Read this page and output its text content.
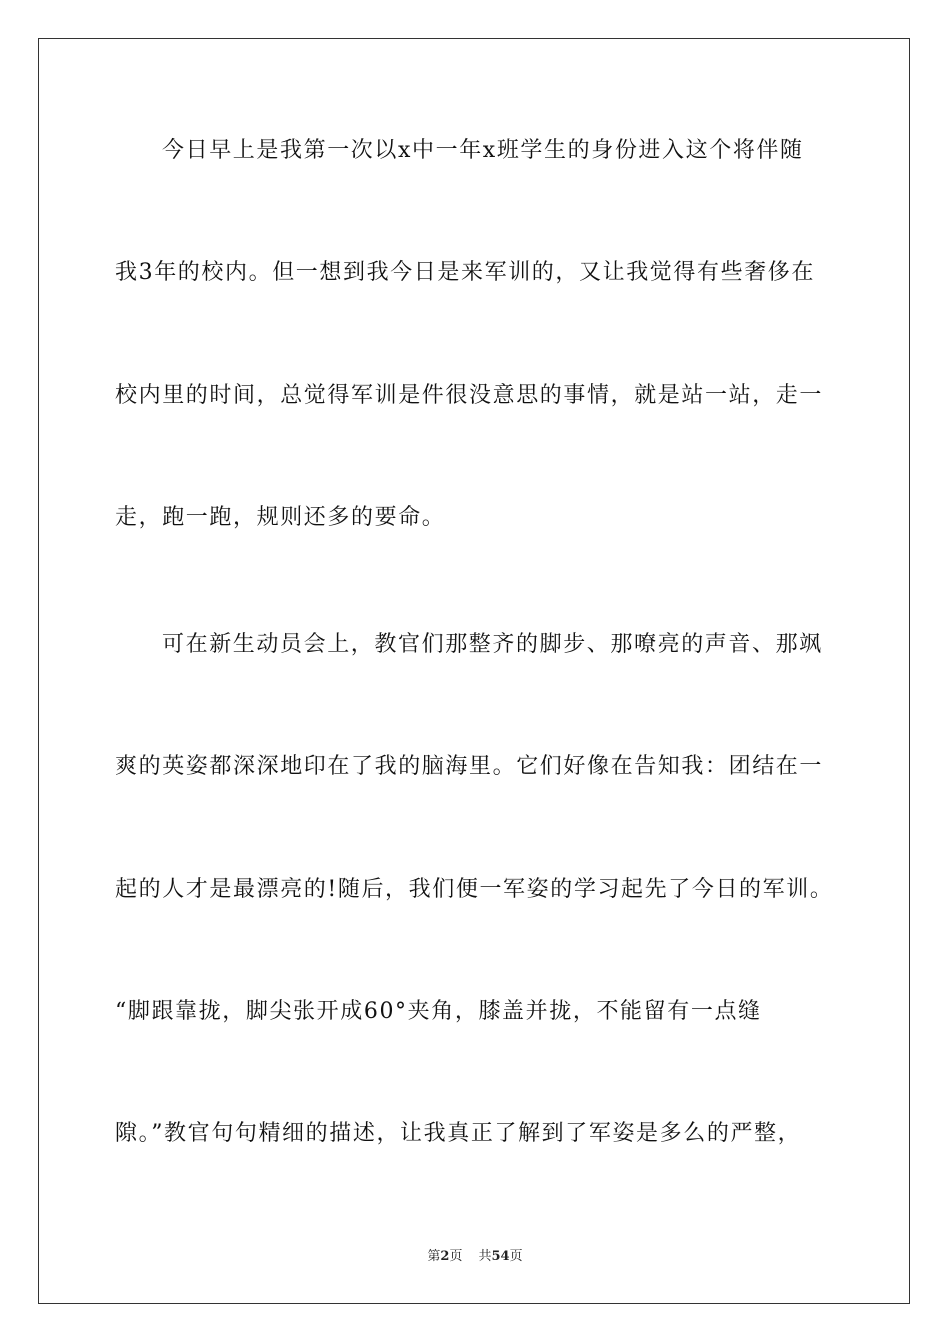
今日早上是我第一次以x中一年x班学生的身份进入这个将伴随
我3年的校内。但一想到我今日是来军训的，又让我觉得有些奢侈在
校内里的时间，总觉得军训是件很没意思的事情，就是站一站，走一
走，跑一跑，规则还多的要命。
可在新生动员会上，教官们那整齐的脚步、那嘹亮的声音、那飒
爽的英姿都深深地印在了我的脑海里。它们好像在告知我：团结在一
起的人才是最漂亮的!随后，我们便一军姿的学习起先了今日的军训。
“脚跟靠拢，脚尖张开成60°夹角，膝盖并拢，不能留有一点缝
隙。”教官句句精细的描述，让我真正了解到了军姿是多么的严整，
第2页 共54页
